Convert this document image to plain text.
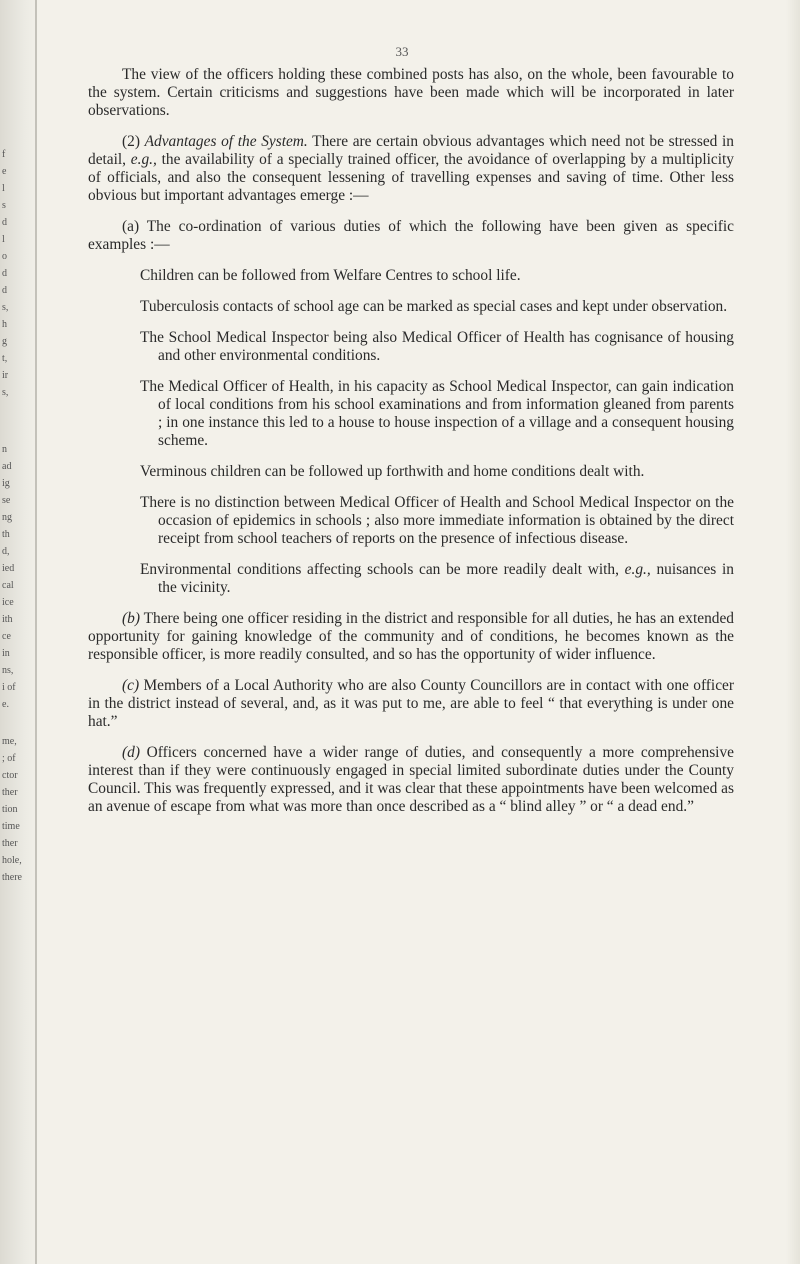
f
e
l
s
d
l
o
d
d
s,
h
g
t,
ir
s,
n
ad
ig
se
ng
th
d,
ied
cal
ice
ith
ce
in
ns,
i of
e.
me,
; of
ctor
ther
tion
time
ther
hole,
there
33

The view of the officers holding these combined posts has also, on the whole, been favourable to the system. Certain criticisms and suggestions have been made which will be incorporated in later observations.

(2) Advantages of the System. There are certain obvious advantages which need not be stressed in detail, e.g., the availability of a specially trained officer, the avoidance of overlapping by a multiplicity of officials, and also the consequent lessening of travelling expenses and saving of time. Other less obvious but important advantages emerge :—

(a) The co-ordination of various duties of which the following have been given as specific examples :—

Children can be followed from Welfare Centres to school life.

Tuberculosis contacts of school age can be marked as special cases and kept under observation.

The School Medical Inspector being also Medical Officer of Health has cognisance of housing and other environmental conditions.

The Medical Officer of Health, in his capacity as School Medical Inspector, can gain indication of local conditions from his school examinations and from information gleaned from parents ; in one instance this led to a house to house inspection of a village and a consequent housing scheme.

Verminous children can be followed up forthwith and home conditions dealt with.

There is no distinction between Medical Officer of Health and School Medical Inspector on the occasion of epidemics in schools ; also more immediate information is obtained by the direct receipt from school teachers of reports on the presence of infectious disease.

Environmental conditions affecting schools can be more readily dealt with, e.g., nuisances in the vicinity.

(b) There being one officer residing in the district and responsible for all duties, he has an extended opportunity for gaining knowledge of the community and of conditions, he becomes known as the responsible officer, is more readily consulted, and so has the opportunity of wider influence.

(c) Members of a Local Authority who are also County Councillors are in contact with one officer in the district instead of several, and, as it was put to me, are able to feel “ that everything is under one hat.”

(d) Officers concerned have a wider range of duties, and consequently a more comprehensive interest than if they were continuously engaged in special limited subordinate duties under the County Council. This was frequently expressed, and it was clear that these appointments have been welcomed as an avenue of escape from what was more than once described as a “ blind alley ” or “ a dead end.”
